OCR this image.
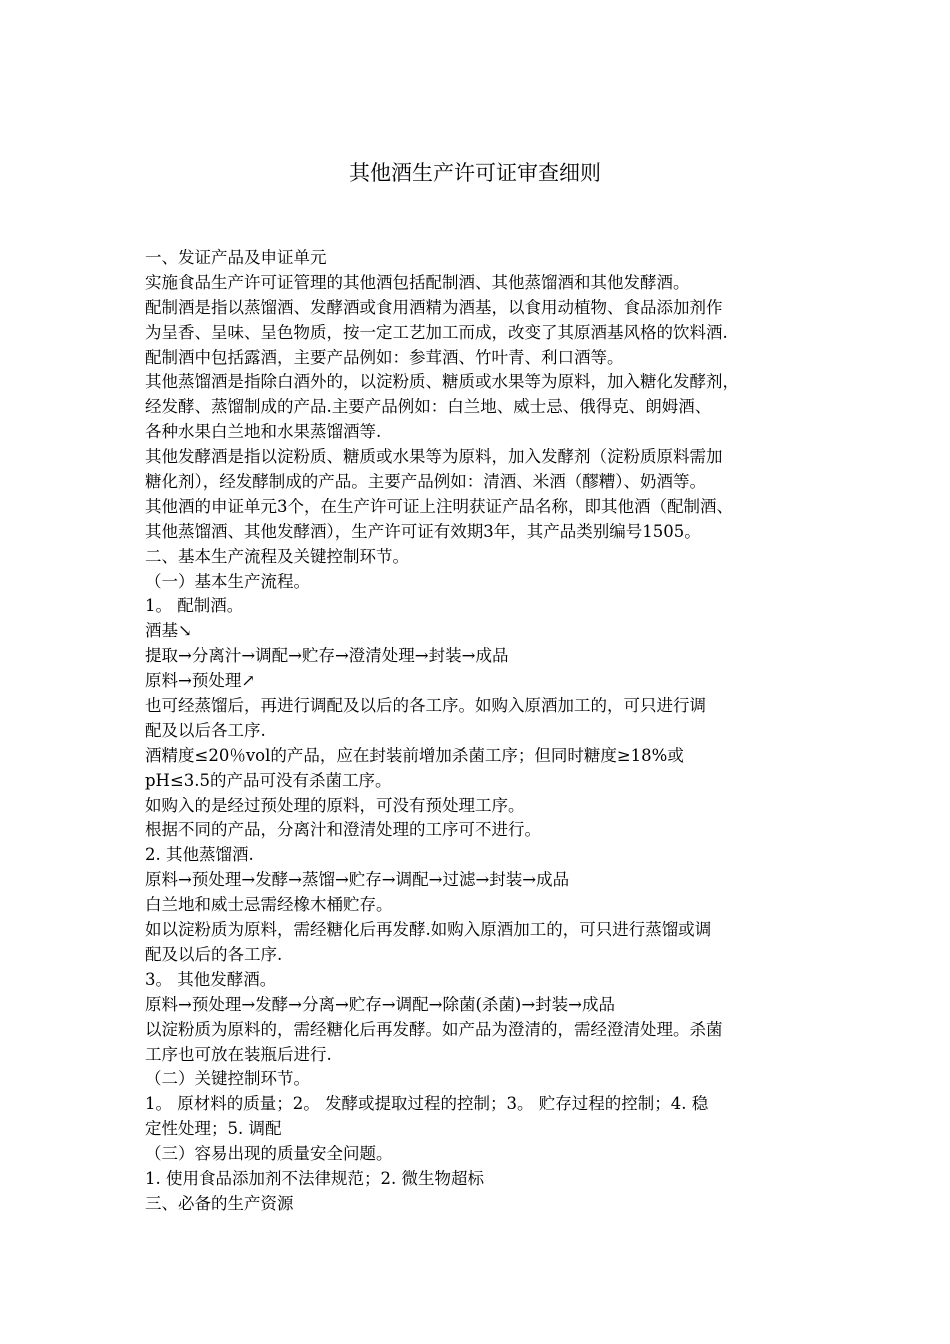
其他酒生产许可证审查细则
一、发证产品及申证单元
实施食品生产许可证管理的其他酒包括配制酒、其他蒸馏酒和其他发酵酒。
配制酒是指以蒸馏酒、发酵酒或食用酒精为酒基，以食用动植物、食品添加剂作
为呈香、呈味、呈色物质，按一定工艺加工而成，改变了其原酒基风格的饮料酒.
配制酒中包括露酒，主要产品例如：参茸酒、竹叶青、利口酒等。
其他蒸馏酒是指除白酒外的，以淀粉质、糖质或水果等为原料，加入糖化发酵剂，
经发酵、蒸馏制成的产品.主要产品例如：白兰地、威士忌、俄得克、朗姆酒、
各种水果白兰地和水果蒸馏酒等.
其他发酵酒是指以淀粉质、糖质或水果等为原料，加入发酵剂（淀粉质原料需加
糖化剂），经发酵制成的产品。主要产品例如：清酒、米酒（醪糟）、奶酒等。
其他酒的申证单元3个，在生产许可证上注明获证产品名称，即其他酒（配制酒、
其他蒸馏酒、其他发酵酒），生产许可证有效期3年，其产品类别编号1505。
二、基本生产流程及关键控制环节。
（一）基本生产流程。
1。 配制酒。
酒基↘
提取→分离汁→调配→贮存→澄清处理→封装→成品
原料→预处理↗
也可经蒸馏后，再进行调配及以后的各工序。如购入原酒加工的，可只进行调
配及以后各工序.
酒精度≤20％vol的产品，应在封装前增加杀菌工序；但同时糖度≥18%或
pH≤3.5的产品可没有杀菌工序。
如购入的是经过预处理的原料，可没有预处理工序。
根据不同的产品，分离汁和澄清处理的工序可不进行。
2. 其他蒸馏酒.
原料→预处理→发酵→蒸馏→贮存→调配→过滤→封装→成品
白兰地和威士忌需经橡木桶贮存。
如以淀粉质为原料，需经糖化后再发酵.如购入原酒加工的，可只进行蒸馏或调
配及以后的各工序.
3。 其他发酵酒。
原料→预处理→发酵→分离→贮存→调配→除菌(杀菌)→封装→成品
以淀粉质为原料的，需经糖化后再发酵。如产品为澄清的，需经澄清处理。杀菌
工序也可放在装瓶后进行.
（二）关键控制环节。
1。 原材料的质量；2。 发酵或提取过程的控制；3。 贮存过程的控制；4. 稳
定性处理；5. 调配
（三）容易出现的质量安全问题。
1. 使用食品添加剂不法律规范；2. 微生物超标
三、必备的生产资源
